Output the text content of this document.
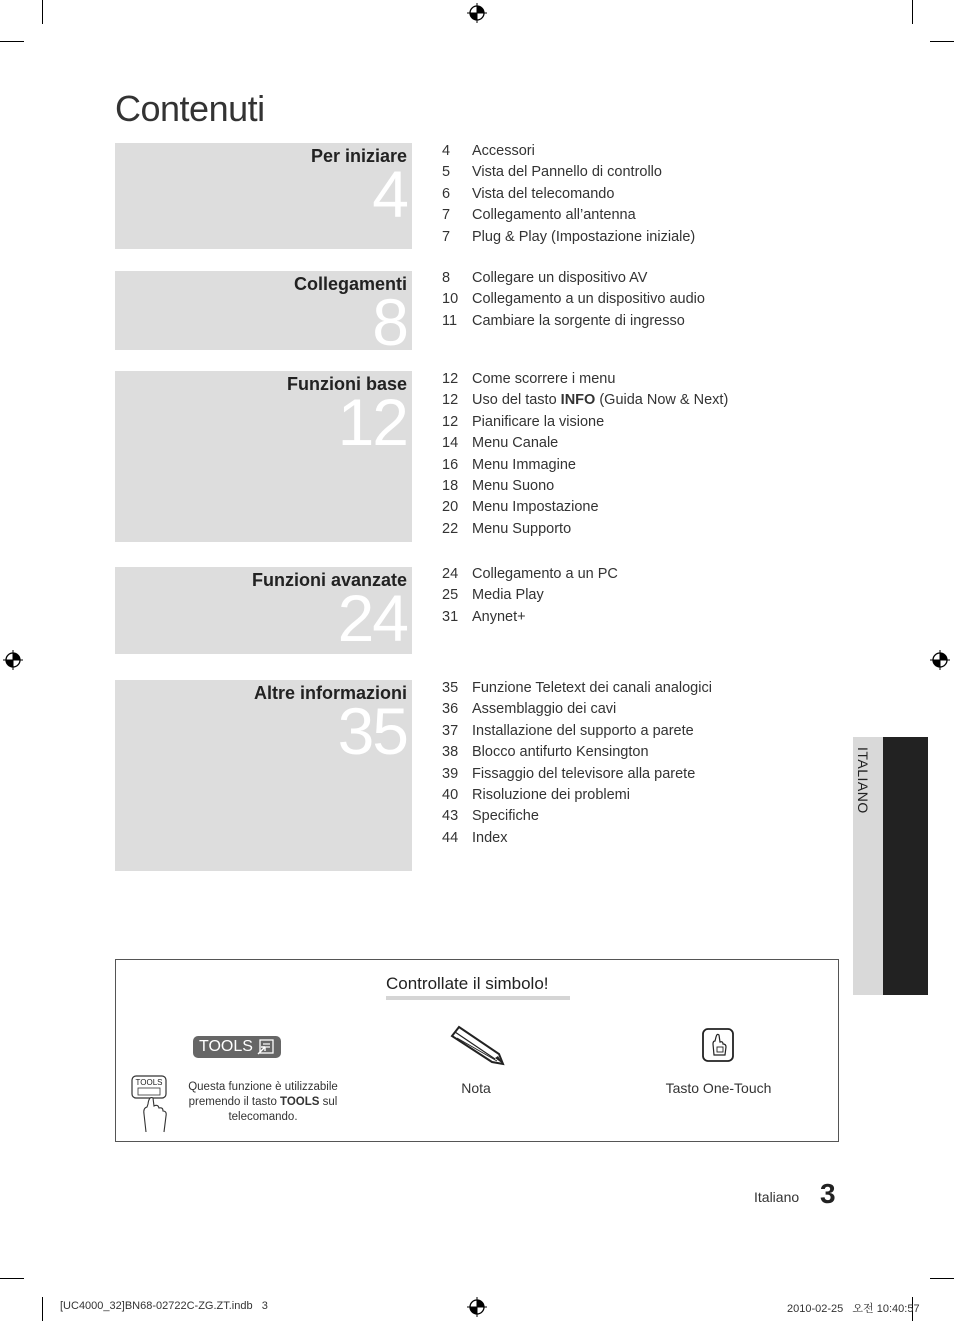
Contenuti
Per iniziare
4
4 Accessori
5 Vista del Pannello di controllo
6 Vista del telecomando
7 Collegamento all’antenna
7 Plug & Play (Impostazione iniziale)
Collegamenti
8
8 Collegare un dispositivo AV
10 Collegamento a un dispositivo audio
11 Cambiare la sorgente di ingresso
Funzioni base
12
12 Come scorrere i menu
12 Uso del tasto INFO (Guida Now & Next)
12 Pianificare la visione
14 Menu Canale
16 Menu Immagine
18 Menu Suono
20 Menu Impostazione
22 Menu Supporto
Funzioni avanzate
24
24 Collegamento a un PC
25 Media Play
31 Anynet+
Altre informazioni
35
35 Funzione Teletext dei canali analogici
36 Assemblaggio dei cavi
37 Installazione del supporto a parete
38 Blocco antifurto Kensington
39 Fissaggio del televisore alla parete
40 Risoluzione dei problemi
43 Specifiche
44 Index
ITALIANO
Controllate il simbolo!
TOOLS
TOOLS Questa funzione è utilizzabile premendo il tasto TOOLS sul telecomando.
Nota	Tasto One-Touch
Italiano 3
[UC4000_32]BN68-02722C-ZG.ZT.indb   3	2010-02-25   오전 10:40:57
